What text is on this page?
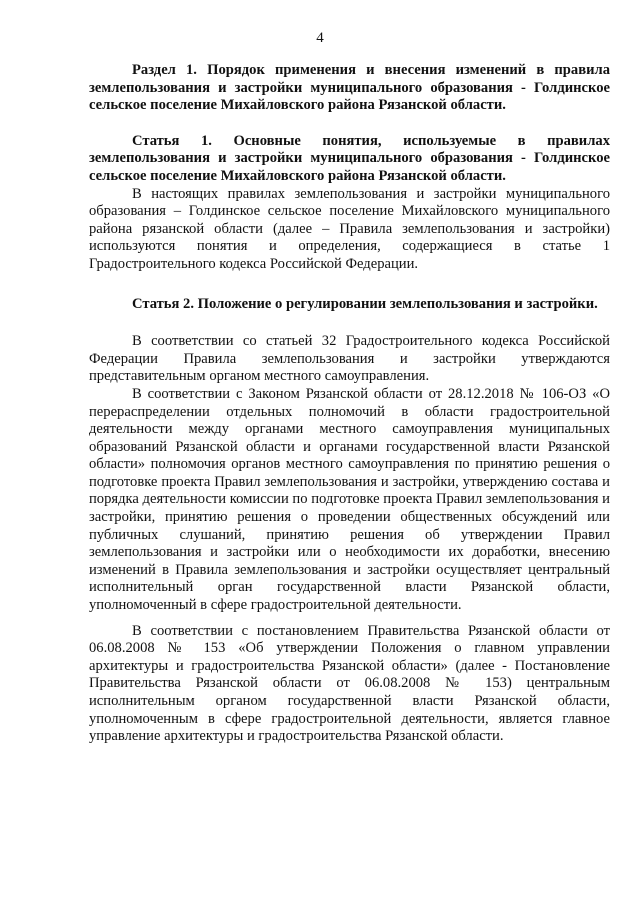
4

Раздел 1. Порядок применения и внесения изменений в правила землепользования и застройки муниципального образования - Голдинское сельское поселение Михайловского района Рязанской области.

Статья 1. Основные понятия, используемые в правилах землепользования и застройки муниципального образования - Голдинское сельское поселение Михайловского района Рязанской области.

В настоящих правилах землепользования и застройки муниципального образования – Голдинское сельское поселение Михайловского муниципального района рязанской области (далее – Правила землепользования и застройки) используются понятия и определения, содержащиеся в статье 1 Градостроительного кодекса Российской Федерации.

Статья 2. Положение о регулировании землепользования и застройки.

В соответствии со статьей 32 Градостроительного кодекса Российской Федерации Правила землепользования и застройки утверждаются представительным органом местного самоуправления.

В соответствии с Законом Рязанской области от 28.12.2018 № 106-ОЗ «О перераспределении отдельных полномочий в области градостроительной деятельности между органами местного самоуправления муниципальных образований Рязанской области и органами государственной власти Рязанской области» полномочия органов местного самоуправления по принятию решения о подготовке проекта Правил землепользования и застройки, утверждению состава и порядка деятельности комиссии по подготовке проекта Правил землепользования и застройки, принятию решения о проведении общественных обсуждений или публичных слушаний, принятию решения об утверждении Правил землепользования и застройки или о необходимости их доработки, внесению изменений в Правила землепользования и застройки осуществляет центральный исполнительный орган государственной власти Рязанской области, уполномоченный в сфере градостроительной деятельности.

В соответствии с постановлением Правительства Рязанской области от 06.08.2008 № 153 «Об утверждении Положения о главном управлении архитектуры и градостроительства Рязанской области» (далее - Постановление Правительства Рязанской области от 06.08.2008 № 153) центральным исполнительным органом государственной власти Рязанской области, уполномоченным в сфере градостроительной деятельности, является главное управление архитектуры и градостроительства Рязанской области.
